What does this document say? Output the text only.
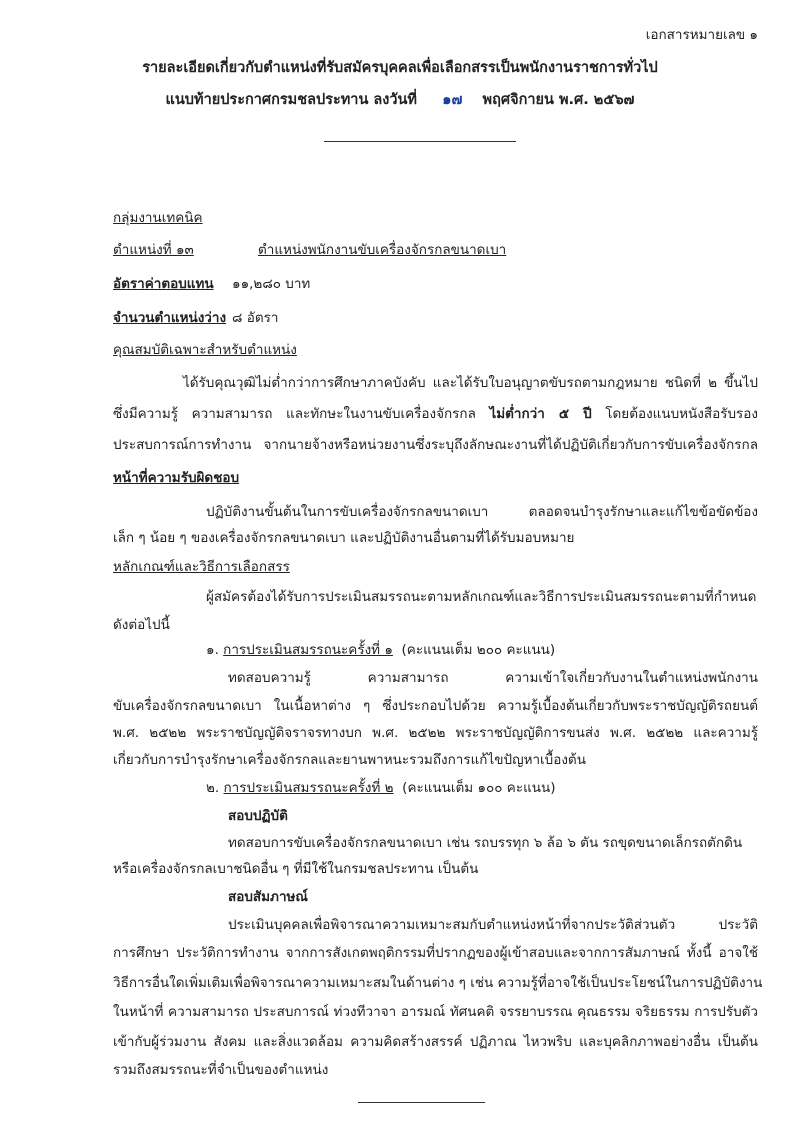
เอกสารหมายเลข ๑
รายละเอียดเกี่ยวกับตำแหน่งที่รับสมัครบุคคลเพื่อเลือกสรรเป็นพนักงานราชการทั่วไป
แนบท้ายประกาศกรมชลประทาน ลงวันที่ ๑๗ พฤศจิกายน พ.ศ. ๒๕๖๗
กลุ่มงานเทคนิค
ตำแหน่งที่ ๑๓	ตำแหน่งพนักงานขับเครื่องจักรกลขนาดเบา
อัตราค่าตอบแทน ๑๑,๒๘๐ บาท
จำนวนตำแหน่งว่าง ๘ อัตรา
คุณสมบัติเฉพาะสำหรับตำแหน่ง
ได้รับคุณวุฒิไม่ต่ำกว่าการศึกษาภาคบังคับ และได้รับใบอนุญาตขับรถตามกฎหมาย ชนิดที่ ๒ ขึ้นไป
ซึ่งมีความรู้ ความสามารถ และทักษะในงานขับเครื่องจักรกล ไม่ต่ำกว่า ๕ ปี โดยต้องแนบหนังสือรับรอง
ประสบการณ์การทำงาน จากนายจ้างหรือหน่วยงานซึ่งระบุถึงลักษณะงานที่ได้ปฏิบัติเกี่ยวกับการขับเครื่องจักรกล
หน้าที่ความรับผิดชอบ
ปฏิบัติงานขั้นต้นในการขับเครื่องจักรกลขนาดเบา ตลอดจนบำรุงรักษาและแก้ไขข้อขัดข้อง
เล็ก ๆ น้อย ๆ ของเครื่องจักรกลขนาดเบา และปฏิบัติงานอื่นตามที่ได้รับมอบหมาย
หลักเกณฑ์และวิธีการเลือกสรร
ผู้สมัครต้องได้รับการประเมินสมรรถนะตามหลักเกณฑ์และวิธีการประเมินสมรรถนะตามที่กำหนด
ดังต่อไปนี้
๑. การประเมินสมรรถนะครั้งที่ ๑ (คะแนนเต็ม ๒๐๐ คะแนน)
ทดสอบความรู้ ความสามารถ ความเข้าใจเกี่ยวกับงานในตำแหน่งพนักงาน
ขับเครื่องจักรกลขนาดเบา ในเนื้อหาต่าง ๆ ซึ่งประกอบไปด้วย ความรู้เบื้องต้นเกี่ยวกับพระราชบัญญัติรถยนต์
พ.ศ. ๒๕๒๒ พระราชบัญญัติจราจรทางบก พ.ศ. ๒๕๒๒ พระราชบัญญัติการขนส่ง พ.ศ. ๒๕๒๒ และความรู้
เกี่ยวกับการบำรุงรักษาเครื่องจักรกลและยานพาหนะรวมถึงการแก้ไขปัญหาเบื้องต้น
๒. การประเมินสมรรถนะครั้งที่ ๒ (คะแนนเต็ม ๑๐๐ คะแนน)
สอบปฏิบัติ
ทดสอบการขับเครื่องจักรกลขนาดเบา เช่น รถบรรทุก ๖ ล้อ ๖ ตัน รถขุดขนาดเล็กรถตักดิน
หรือเครื่องจักรกลเบาชนิดอื่น ๆ ที่มีใช้ในกรมชลประทาน เป็นต้น
สอบสัมภาษณ์
ประเมินบุคคลเพื่อพิจารณาความเหมาะสมกับตำแหน่งหน้าที่จากประวัติส่วนตัว ประวัติ
การศึกษา ประวัติการทำงาน จากการสังเกตพฤติกรรมที่ปรากฏของผู้เข้าสอบและจากการสัมภาษณ์ ทั้งนี้ อาจใช้
วิธีการอื่นใดเพิ่มเติมเพื่อพิจารณาความเหมาะสมในด้านต่าง ๆ เช่น ความรู้ที่อาจใช้เป็นประโยชน์ในการปฏิบัติงาน
ในหน้าที่ ความสามารถ ประสบการณ์ ท่วงทีวาจา อารมณ์ ทัศนคติ จรรยาบรรณ คุณธรรม จริยธรรม การปรับตัว
เข้ากับผู้ร่วมงาน สังคม และสิ่งแวดล้อม ความคิดสร้างสรรค์ ปฏิภาณ ไหวพริบ และบุคลิกภาพอย่างอื่น เป็นต้น
รวมถึงสมรรถนะที่จำเป็นของตำแหน่ง
